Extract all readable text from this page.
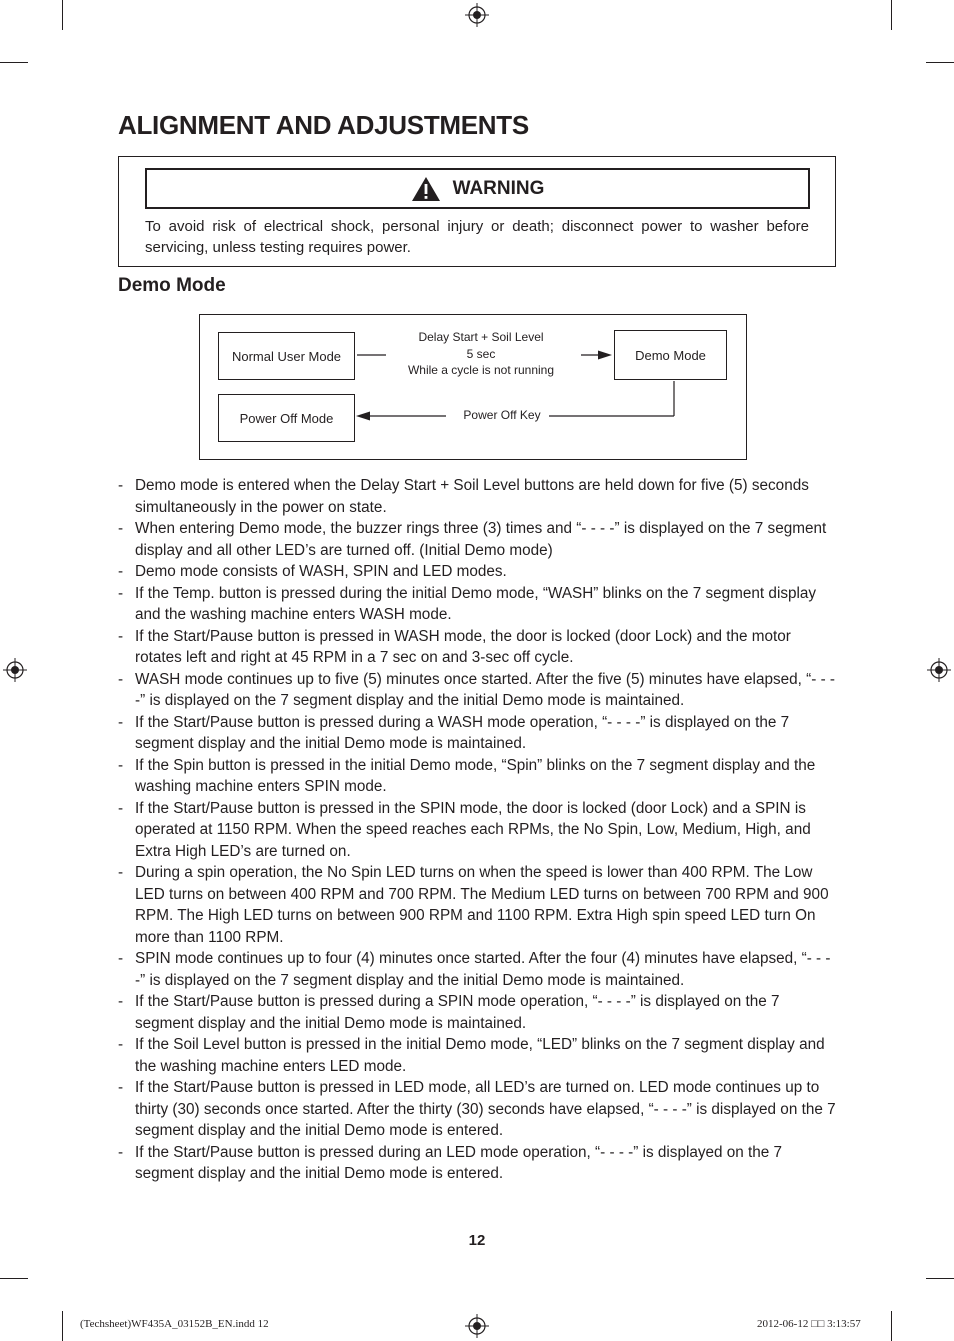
ALIGNMENT AND ADJUSTMENTS
WARNING
To avoid risk of electrical shock, personal injury or death; disconnect power to washer before servicing, unless testing requires power.
Demo Mode
Normal User Mode	Demo Mode
Power Off Mode
Delay Start + Soil Level
5 sec
While a cycle is not running
Power Off Key
- Demo mode is entered when the Delay Start + Soil Level buttons are held down for five (5) seconds simultaneously in the power on state.
- When entering Demo mode, the buzzer rings three (3) times and “- - - -” is displayed on the 7 segment display and all other LED’s are turned off. (Initial Demo mode)
- Demo mode consists of WASH, SPIN and LED modes.
- If the Temp. button is pressed during the initial Demo mode, “WASH” blinks on the 7 segment display and the washing machine enters WASH mode.
- If the Start/Pause button is pressed in WASH mode, the door is locked (door Lock) and the motor rotates left and right at 45 RPM in a 7 sec on and 3-sec off cycle.
- WASH mode continues up to five (5) minutes once started. After the five (5) minutes have elapsed, “- - - -” is displayed on the 7 segment display and the initial Demo mode is maintained.
- If the Start/Pause button is pressed during a WASH mode operation, “- - - -” is displayed on the 7 segment display and the initial Demo mode is maintained.
- If the Spin button is pressed in the initial Demo mode, “Spin” blinks on the 7 segment display and the washing machine enters SPIN mode.
- If the Start/Pause button is pressed in the SPIN mode, the door is locked (door Lock) and a SPIN is operated at 1150 RPM. When the speed reaches each RPMs, the No Spin, Low, Medium, High, and Extra High LED’s are turned on.
- During a spin operation, the No Spin LED turns on when the speed is lower than 400 RPM. The Low LED turns on between 400 RPM and 700 RPM. The Medium LED turns on between 700 RPM and 900 RPM. The High LED turns on between 900 RPM and 1100 RPM. Extra High spin speed LED turn On more than 1100 RPM.
- SPIN mode continues up to four (4) minutes once started. After the four (4) minutes have elapsed, “- - - -” is displayed on the 7 segment display and the initial Demo mode is maintained.
- If the Start/Pause button is pressed during a SPIN mode operation, “- - - -” is displayed on the 7 segment display and the initial Demo mode is maintained.
- If the Soil Level button is pressed in the initial Demo mode, “LED” blinks on the 7 segment display and the washing machine enters LED mode.
- If the Start/Pause button is pressed in LED mode, all LED’s are turned on. LED mode continues up to thirty (30) seconds once started. After the thirty (30) seconds have elapsed, “- - - -” is displayed on the 7 segment display and the initial Demo mode is entered.
- If the Start/Pause button is pressed during an LED mode operation, “- - - -” is displayed on the 7 segment display and the initial Demo mode is entered.
12
(Techsheet)WF435A_03152B_EN.indd 12	2012-06-12 □□ 3:13:57
